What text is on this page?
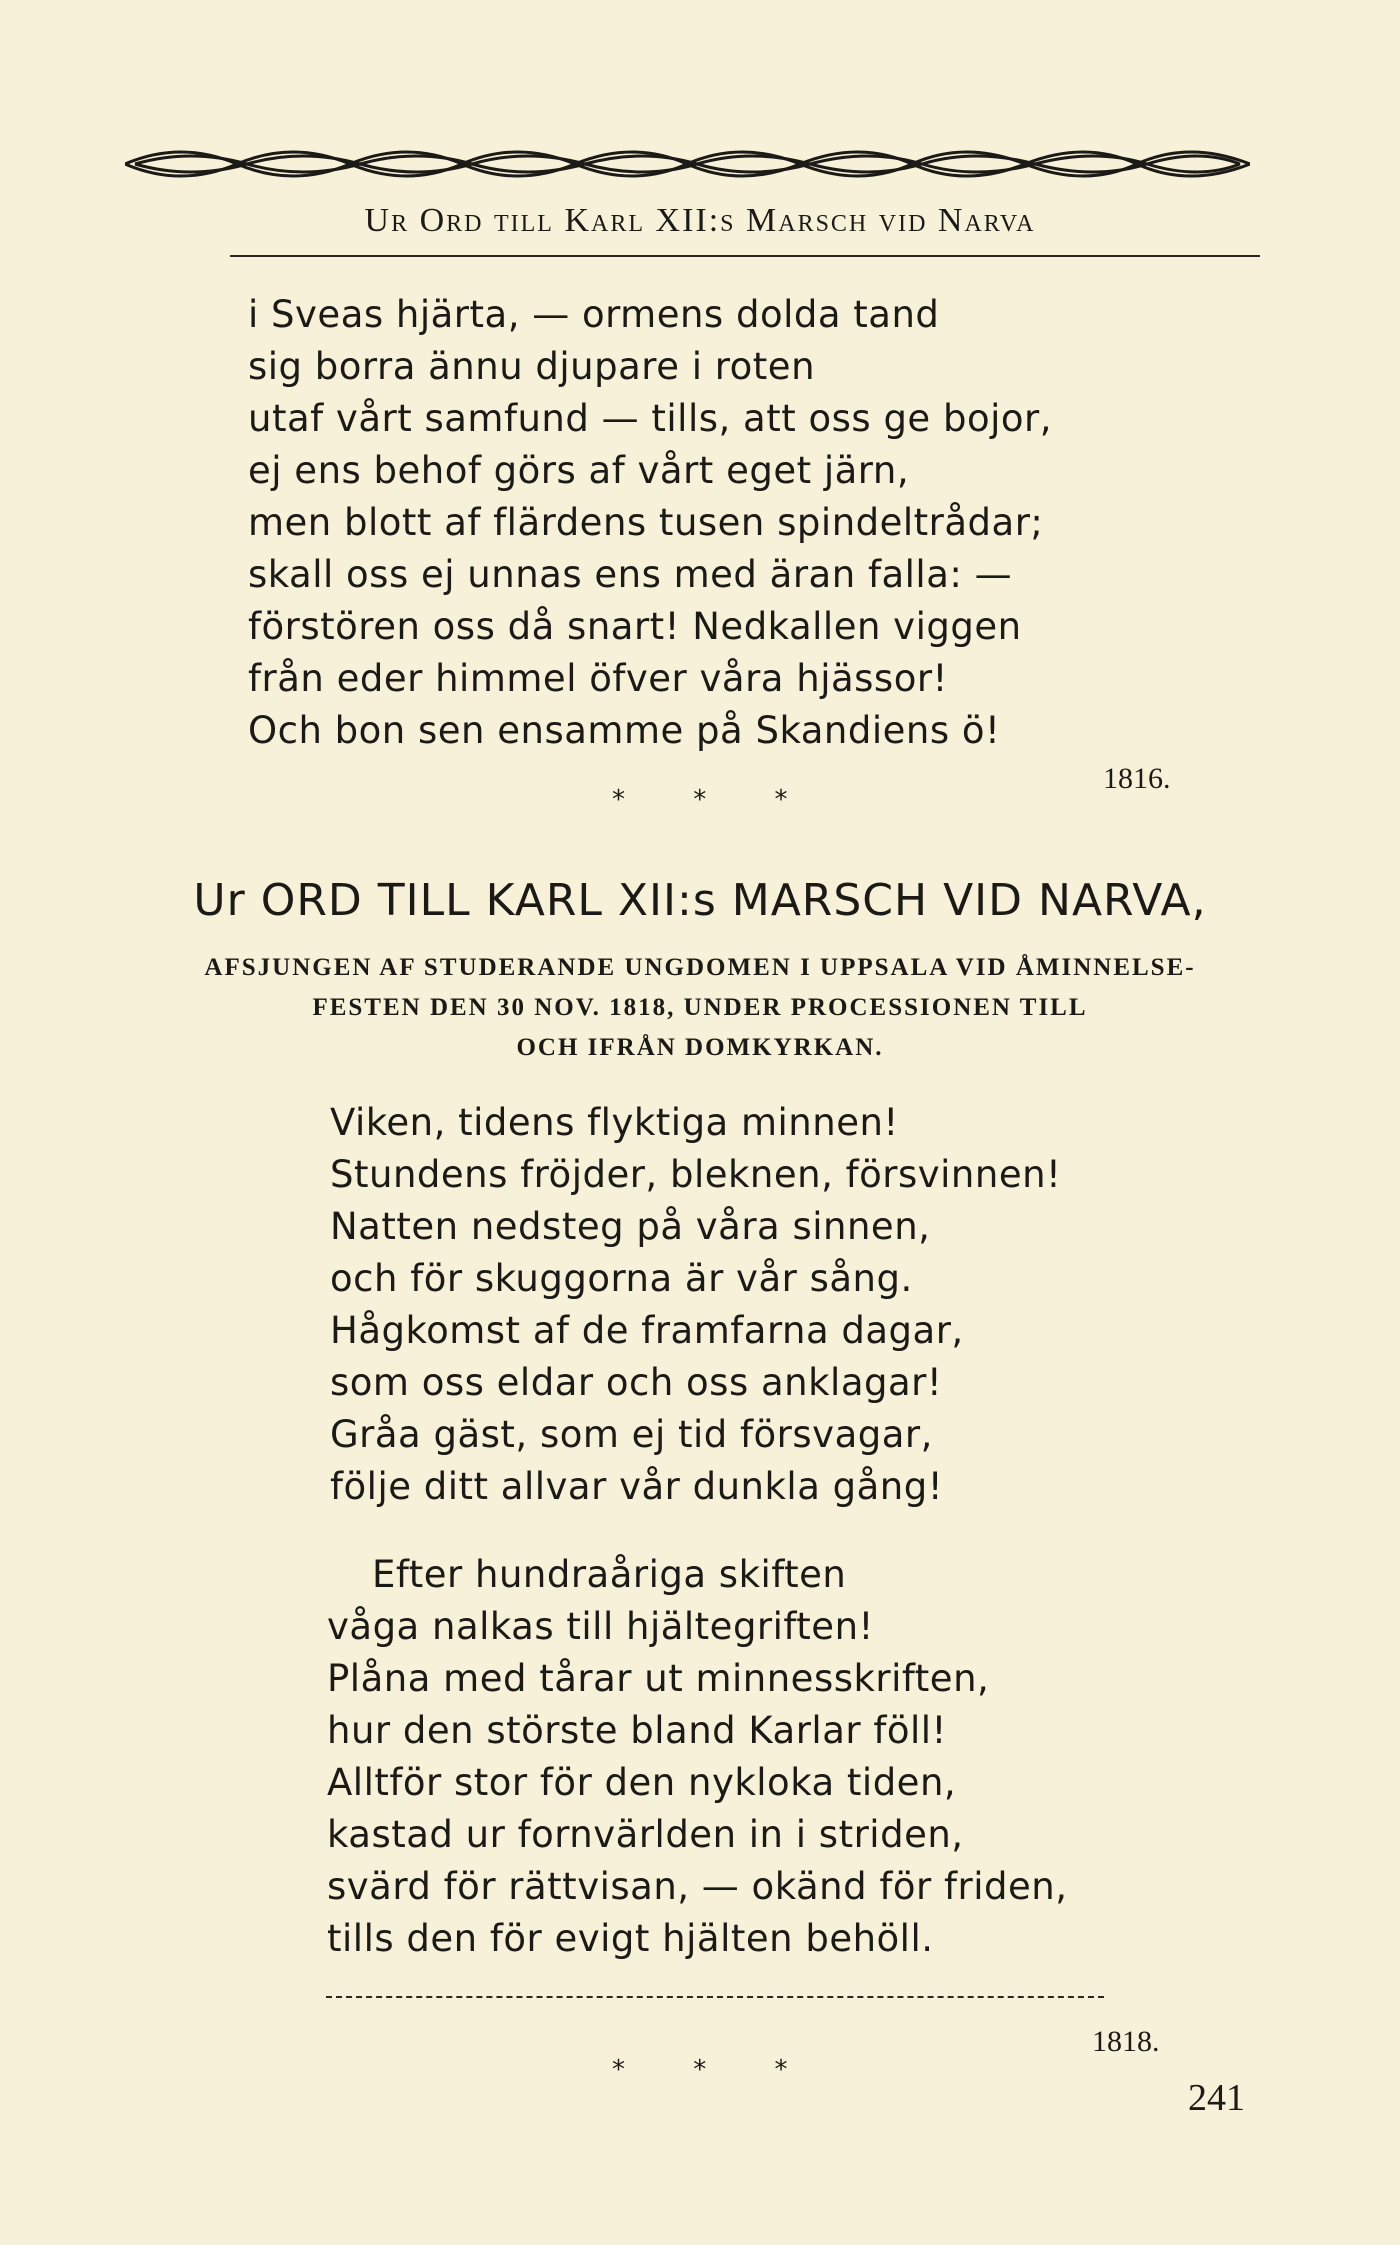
Ur Ord till Karl XII:s Marsch vid Narva
i Sveas hjärta, — ormens dolda tand
sig borra ännu djupare i roten
utaf vårt samfund — tills, att oss ge bojor,
ej ens behof görs af vårt eget järn,
men blott af flärdens tusen spindeltrådar;
skall oss ej unnas ens med äran falla: —
förstören oss då snart! Nedkallen viggen
från eder himmel öfver våra hjässor!
Och bon sen ensamme på Skandiens ö!
1816.
* * *
Ur ORD TILL KARL XII:s MARSCH VID NARVA,
AFSJUNGEN AF STUDERANDE UNGDOMEN I UPPSALA VID ÅMINNELSE-
FESTEN DEN 30 NOV. 1818, UNDER PROCESSIONEN TILL
OCH IFRÅN DOMKYRKAN.
Viken, tidens flyktiga minnen!
Stundens fröjder, bleknen, försvinnen!
Natten nedsteg på våra sinnen,
och för skuggorna är vår sång.
Hågkomst af de framfarna dagar,
som oss eldar och oss anklagar!
Gråa gäst, som ej tid försvagar,
följe ditt allvar vår dunkla gång!
Efter hundraåriga skiften
våga nalkas till hjältegriften!
Plåna med tårar ut minnesskriften,
hur den störste bland Karlar föll!
Alltför stor för den nykloka tiden,
kastad ur fornvärlden in i striden,
svärd för rättvisan, — okänd för friden,
tills den för evigt hjälten behöll.
1818.
* * *
241
